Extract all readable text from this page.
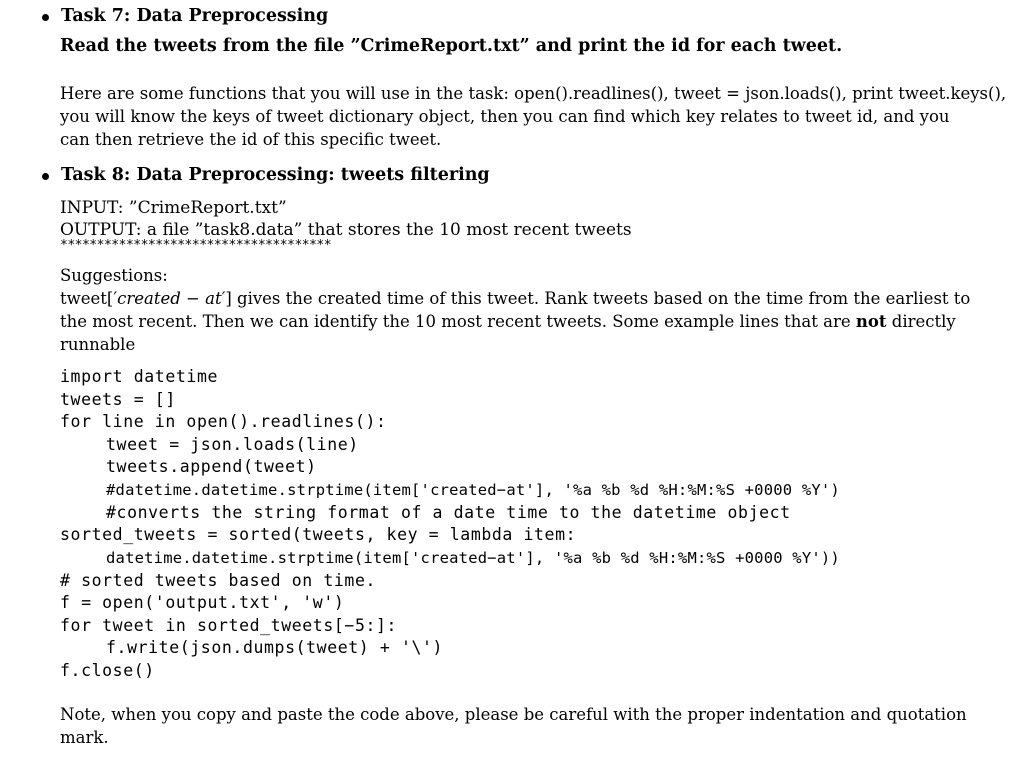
Task 7: Data Preprocessing
Read the tweets from the file ”CrimeReport.txt” and print the id for each tweet.
Here are some functions that you will use in the task: open().readlines(), tweet = json.loads(), print tweet.keys(),
you will know the keys of tweet dictionary object, then you can find which key relates to tweet id, and you
can then retrieve the id of this specific tweet.
Task 8: Data Preprocessing: tweets filtering
INPUT: ”CrimeReport.txt”
OUTPUT: a file ”task8.data” that stores the 10 most recent tweets
*************************************
Suggestions:
tweet[′created − at′] gives the created time of this tweet. Rank tweets based on the time from the earliest to
the most recent. Then we can identify the 10 most recent tweets. Some example lines that are not directly
runnable
import datetime
tweets = []
for line in open().readlines():
tweet = json.loads(line)
tweets.append(tweet)
#datetime.datetime.strptime(item['created−at'], '%a %b %d %H:%M:%S +0000 %Y')
#converts the string format of a date time to the datetime object
sorted_tweets = sorted(tweets, key = lambda item:
datetime.datetime.strptime(item['created−at'], '%a %b %d %H:%M:%S +0000 %Y'))
# sorted tweets based on time.
f = open('output.txt', 'w')
for tweet in sorted_tweets[−5:]:
f.write(json.dumps(tweet) + '\')
f.close()
Note, when you copy and paste the code above, please be careful with the proper indentation and quotation
mark.
